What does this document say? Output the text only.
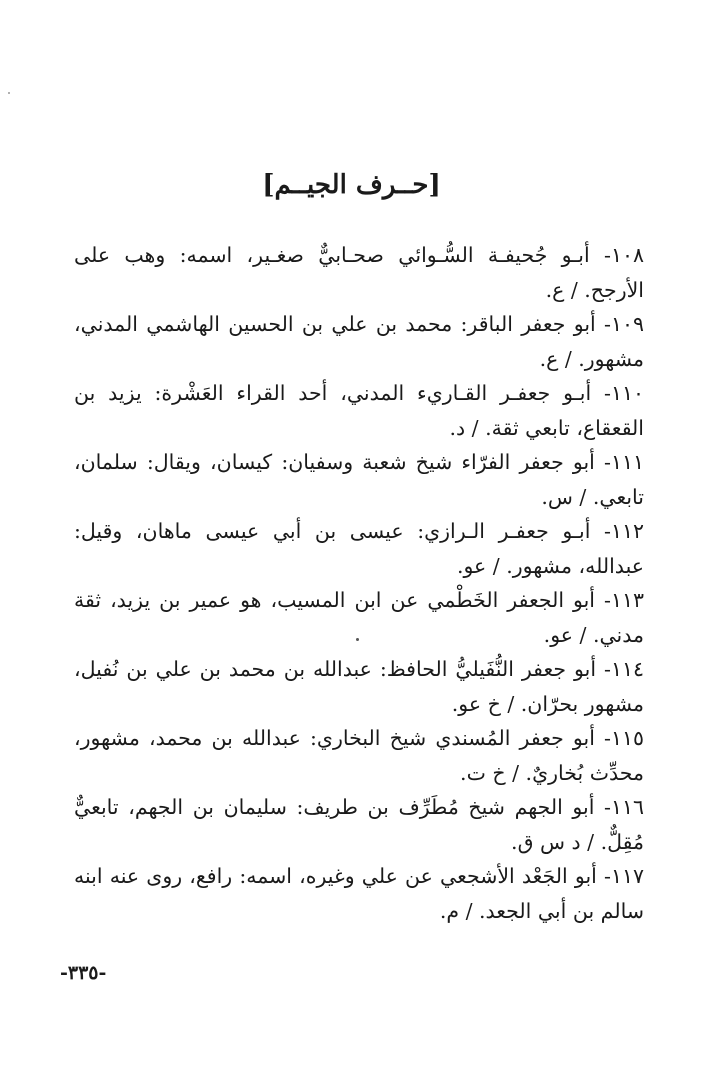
[حــرف الجيــم]

١٠٨- أبـو جُحيفـة السُّـوائي صحـابيٌّ صغـير، اسمه: وهب على الأرجح. / ع.

١٠٩- أبو جعفر الباقر: محمد بن علي بن الحسين الهاشمي المدني، مشهور. / ع.

١١٠- أبـو جعفـر القـاريء المدني، أحد القراء العَشْرة: يزيد بن القعقاع، تابعي ثقة. / د.

١١١- أبو جعفر الفرّاء شيخ شعبة وسفيان: كيسان، ويقال: سلمان، تابعي. / س.

١١٢- أبـو جعفـر الـرازي: عيسى بن أبي عيسى ماهان، وقيل: عبدالله، مشهور. / عو.

١١٣- أبو الجعفر الخَطْمي عن ابن المسيب، هو عمير بن يزيد، ثقة مدني. / عو.

١١٤- أبو جعفر النُّفَيليُّ الحافظ: عبدالله بن محمد بن علي بن نُفيل، مشهور بحرّان. / خ عو.

١١٥- أبو جعفر المُسندي شيخ البخاري: عبدالله بن محمد، مشهور، محدِّث بُخاريٌ. / خ ت.

١١٦- أبو الجهم شيخ مُطَرِّف بن طريف: سليمان بن الجهم، تابعيٌّ مُقِلٌّ. / د س ق.

١١٧- أبو الجَعْد الأشجعي عن علي وغيره، اسمه: رافع، روى عنه ابنه سالم بن أبي الجعد. / م.

-٣٣٥-
